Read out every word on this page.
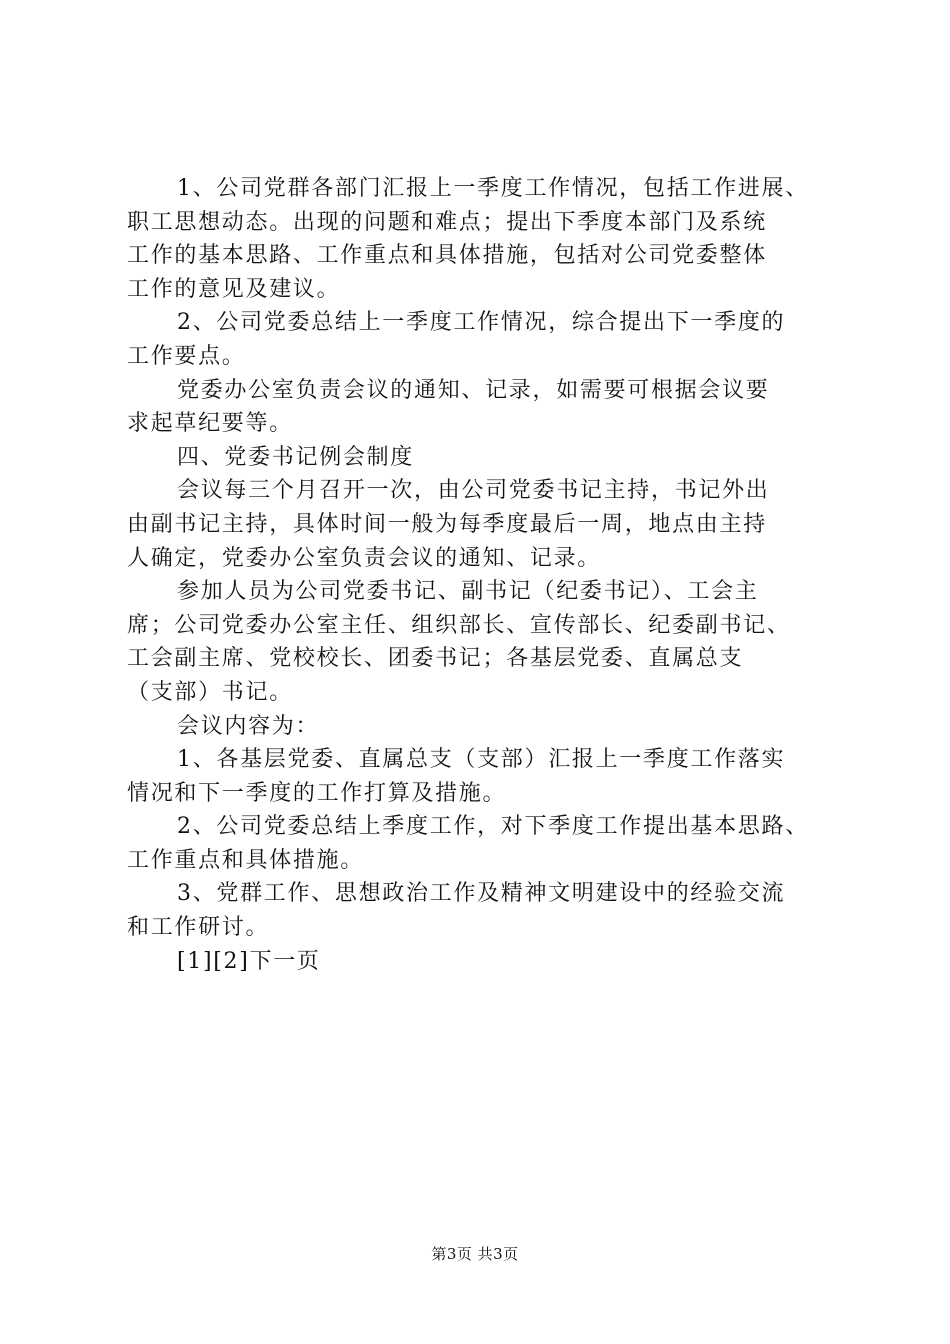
1、公司党群各部门汇报上一季度工作情况，包括工作进展、
职工思想动态。出现的问题和难点；提出下季度本部门及系统
工作的基本思路、工作重点和具体措施，包括对公司党委整体
工作的意见及建议。
2、公司党委总结上一季度工作情况，综合提出下一季度的
工作要点。
党委办公室负责会议的通知、记录，如需要可根据会议要
求起草纪要等。
四、党委书记例会制度
会议每三个月召开一次，由公司党委书记主持，书记外出
由副书记主持，具体时间一般为每季度最后一周，地点由主持
人确定，党委办公室负责会议的通知、记录。
参加人员为公司党委书记、副书记（纪委书记）、工会主
席；公司党委办公室主任、组织部长、宣传部长、纪委副书记、
工会副主席、党校校长、团委书记；各基层党委、直属总支
（支部）书记。
会议内容为：
1、各基层党委、直属总支（支部）汇报上一季度工作落实
情况和下一季度的工作打算及措施。
2、公司党委总结上季度工作，对下季度工作提出基本思路、
工作重点和具体措施。
3、党群工作、思想政治工作及精神文明建设中的经验交流
和工作研讨。
[1][2]下一页
第3页 共3页
